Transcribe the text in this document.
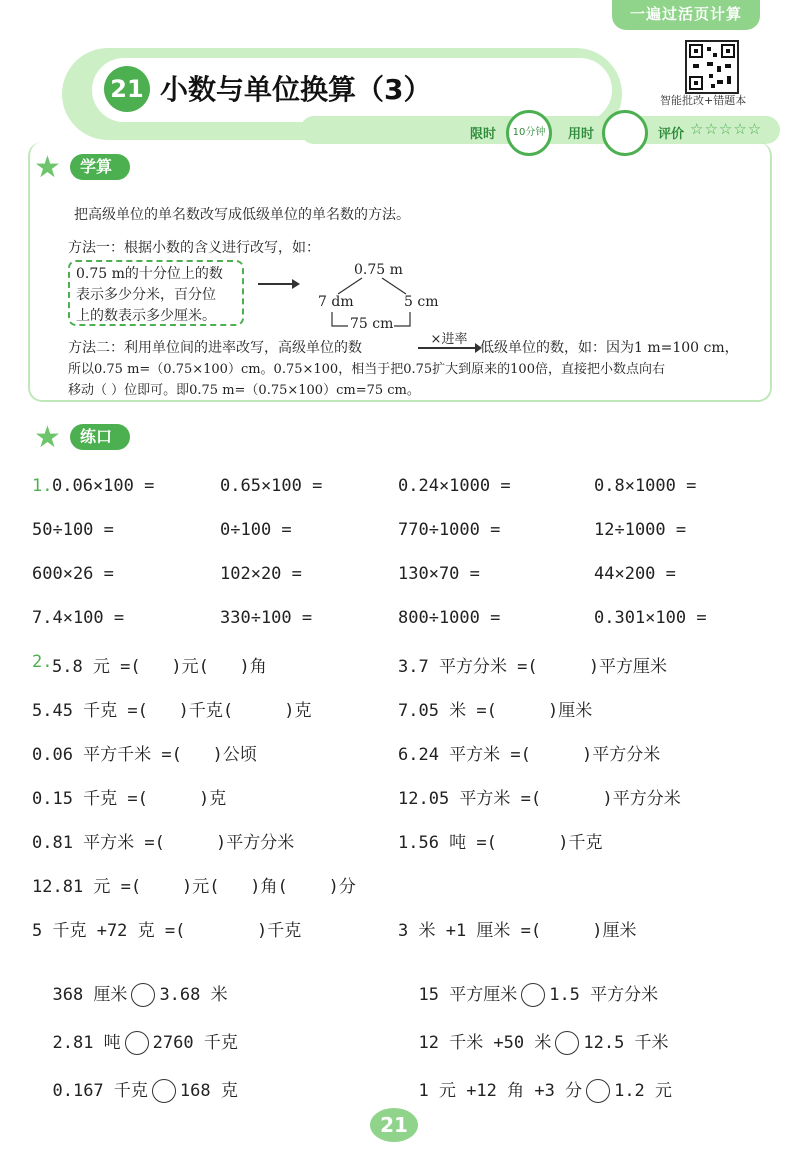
一遍过活页计算
21 小数与单位换算（3）	智能批改+错题本
限时	10分钟 用时	评价 ☆☆☆☆☆
★	学算法
把高级单位的单名数改写成低级单位的单名数的方法。
方法一：根据小数的含义进行改写，如：
0.75 m的十分位上的数
表示多少分米，百分位
上的数表示多少厘米。
0.75 m
7 dm	5 cm
75 cm
方法二：利用单位间的进率改写，高级单位的数
×进率
低级单位的数，如：因为1 m=100 cm，
所以0.75 m=（0.75×100）cm。0.75×100，相当于把0.75扩大到原来的100倍，直接把小数点向右
移动（ ）位即可。即0.75 m=（0.75×100）cm=75 cm。
★	练口算
1. 0.06×100 =	0.65×100 =	0.24×1000 =	0.8×1000 =
50÷100 =	0÷100 =	770÷1000 =	12÷1000 =
600×26 =	102×20 =	130×70 =	44×200 =
7.4×100 =	330÷100 =	800÷1000 =	0.301×100 =
2. 5.8 元 =(   )元(   )角	3.7 平方分米 =(     )平方厘米
5.45 千克 =(   )千克(     )克	7.05 米 =(     )厘米
0.06 平方千米 =(   )公顷	6.24 平方米 =(     )平方分米
0.15 千克 =(     )克	12.05 平方米 =(      )平方分米
0.81 平方米 =(     )平方分米	1.56 吨 =(      )千克
12.81 元 =(    )元(   )角(    )分
5 千克 +72 克 =(       )千克	3 米 +1 厘米 =(     )厘米

368 厘米 3.68 米	15 平方厘米 1.5 平方分米

2.81 吨 2760 千克	12 千米 +50 米 12.5 千米

0.167 千克 168 克	1 元 +12 角 +3 分 1.2 元

21
